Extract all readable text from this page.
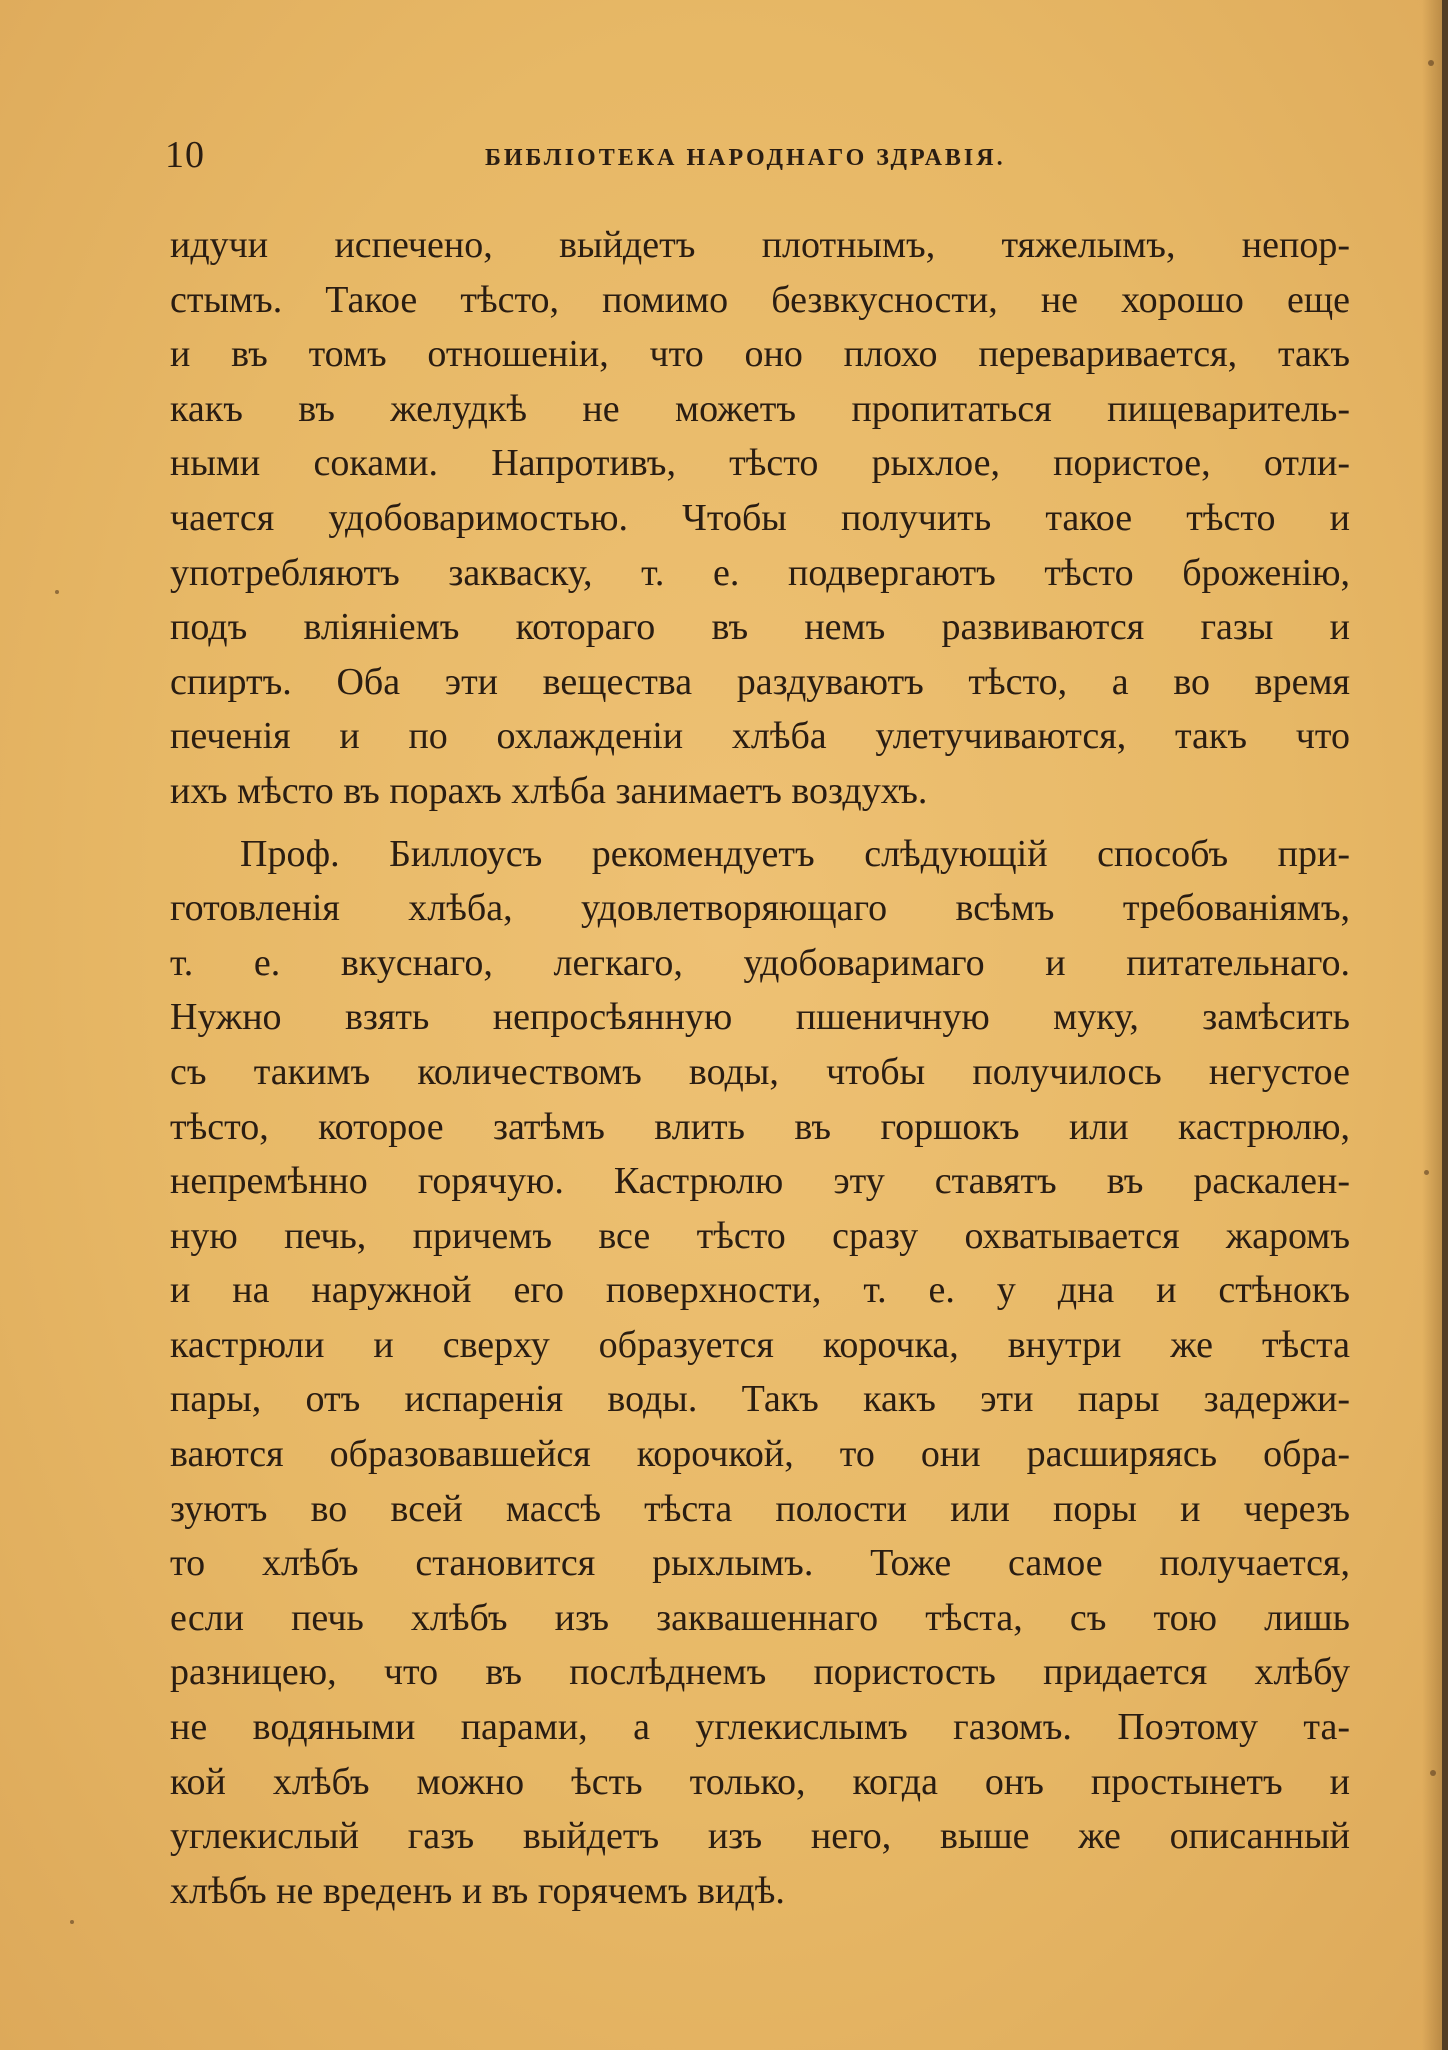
10	БИБЛIОТЕКА НАРОДНАГО ЗДРАВIЯ.
идучи испечено, выйдетъ плотнымъ, тяжелымъ, непор-
стымъ. Такое тѣсто, помимо безвкусности, не хорошо еще
и въ томъ отношенiи, что оно плохо переваривается, такъ
какъ въ желудкѣ не можетъ пропитаться пищеваритель-
ными соками. Напротивъ, тѣсто рыхлое, пористое, отли-
чается удобоваримостью. Чтобы получить такое тѣсто и
употребляютъ закваску, т. е. подвергаютъ тѣсто броженiю,
подъ влiянiемъ котораго въ немъ развиваются газы и
спиртъ. Оба эти вещества раздуваютъ тѣсто, а во время
печенiя и по охлажденiи хлѣба улетучиваются, такъ что
ихъ мѣсто въ порахъ хлѣба занимаетъ воздухъ.
Проф. Биллоусъ рекомендуетъ слѣдующiй способъ при-
готовленiя хлѣба, удовлетворяющаго всѣмъ требованiямъ,
т. е. вкуснаго, легкаго, удобоваримаго и питательнаго.
Нужно взять непросѣянную пшеничную муку, замѣсить
съ такимъ количествомъ воды, чтобы получилось негустое
тѣсто, которое затѣмъ влить въ горшокъ или кастрюлю,
непремѣнно горячую. Кастрюлю эту ставятъ въ раскален-
ную печь, причемъ все тѣсто сразу охватывается жаромъ
и на наружной его поверхности, т. е. у дна и стѣнокъ
кастрюли и сверху образуется корочка, внутри же тѣста
пары, отъ испаренiя воды. Такъ какъ эти пары задержи-
ваются образовавшейся корочкой, то они расширяясь обра-
зуютъ во всей массѣ тѣста полости или поры и черезъ
то хлѣбъ становится рыхлымъ. Тоже самое получается,
если печь хлѣбъ изъ заквашеннаго тѣста, съ тою лишь
разницею, что въ послѣднемъ пористость придается хлѣбу
не водяными парами, а углекислымъ газомъ. Поэтому та-
кой хлѣбъ можно ѣсть только, когда онъ простынетъ и
углекислый газъ выйдетъ изъ него, выше же описанный
хлѣбъ не вреденъ и въ горячемъ видѣ.
